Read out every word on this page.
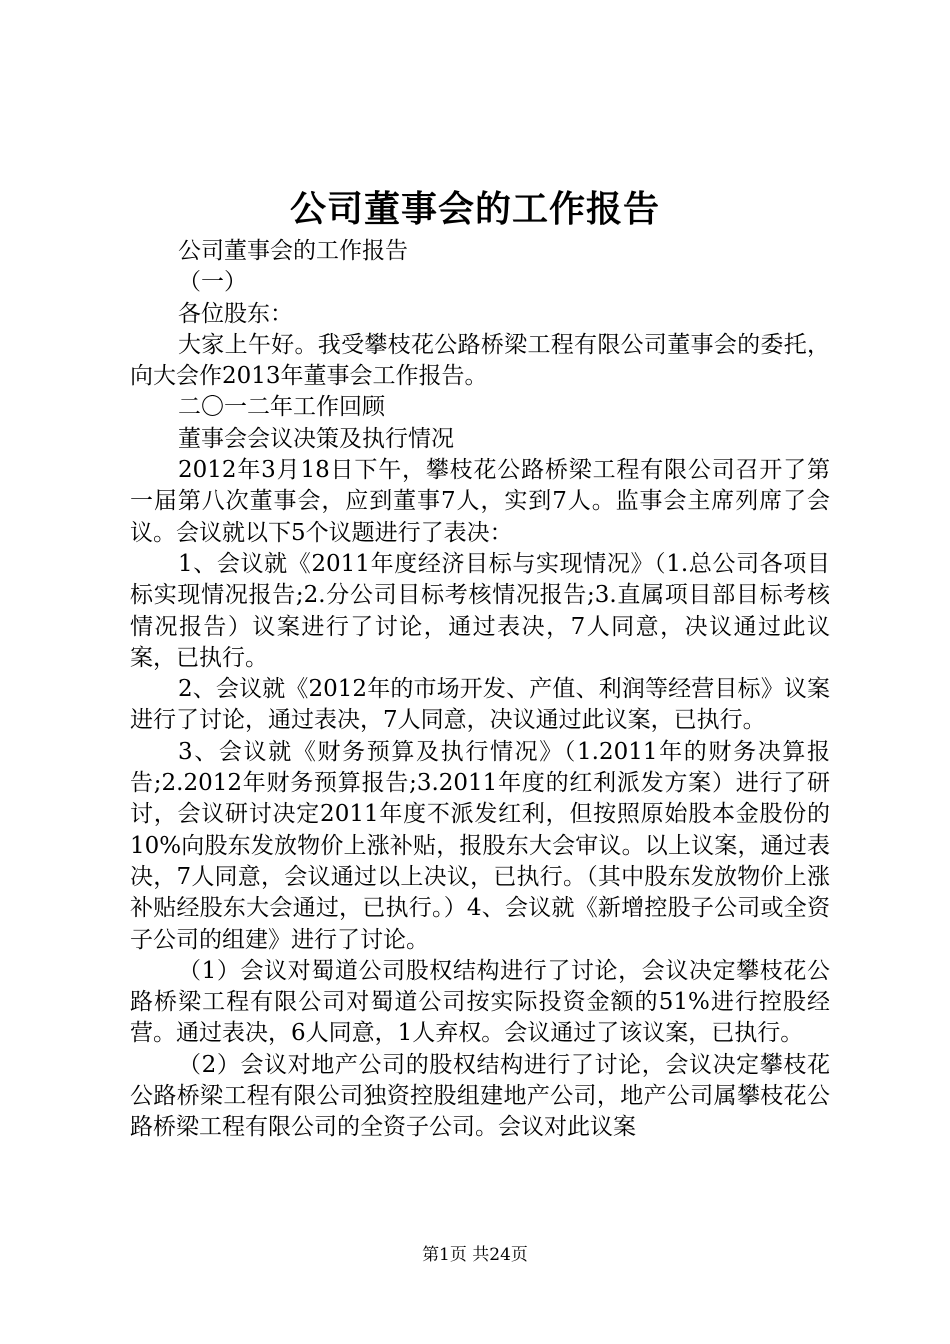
公司董事会的工作报告

公司董事会的工作报告

（一）

各位股东：

大家上午好。我受攀枝花公路桥梁工程有限公司董事会的委托，向大会作2013年董事会工作报告。

二〇一二年工作回顾

董事会会议决策及执行情况

2012年3月18日下午，攀枝花公路桥梁工程有限公司召开了第一届第八次董事会，应到董事7人，实到7人。监事会主席列席了会议。会议就以下5个议题进行了表决：

1、会议就《2011年度经济目标与实现情况》（1.总公司各项目标实现情况报告;2.分公司目标考核情况报告;3.直属项目部目标考核情况报告）议案进行了讨论，通过表决，7人同意，决议通过此议案，已执行。

2、会议就《2012年的市场开发、产值、利润等经营目标》议案进行了讨论，通过表决，7人同意，决议通过此议案，已执行。

3、会议就《财务预算及执行情况》（1.2011年的财务决算报告;2.2012年财务预算报告;3.2011年度的红利派发方案）进行了研讨，会议研讨决定2011年度不派发红利，但按照原始股本金股份的10%向股东发放物价上涨补贴，报股东大会审议。以上议案，通过表决，7人同意，会议通过以上决议，已执行。（其中股东发放物价上涨补贴经股东大会通过，已执行。）4、会议就《新增控股子公司或全资子公司的组建》进行了讨论。

（1）会议对蜀道公司股权结构进行了讨论，会议决定攀枝花公路桥梁工程有限公司对蜀道公司按实际投资金额的51%进行控股经营。通过表决，6人同意，1人弃权。会议通过了该议案，已执行。

（2）会议对地产公司的股权结构进行了讨论，会议决定攀枝花公路桥梁工程有限公司独资控股组建地产公司，地产公司属攀枝花公路桥梁工程有限公司的全资子公司。会议对此议案

第1页 共24页
